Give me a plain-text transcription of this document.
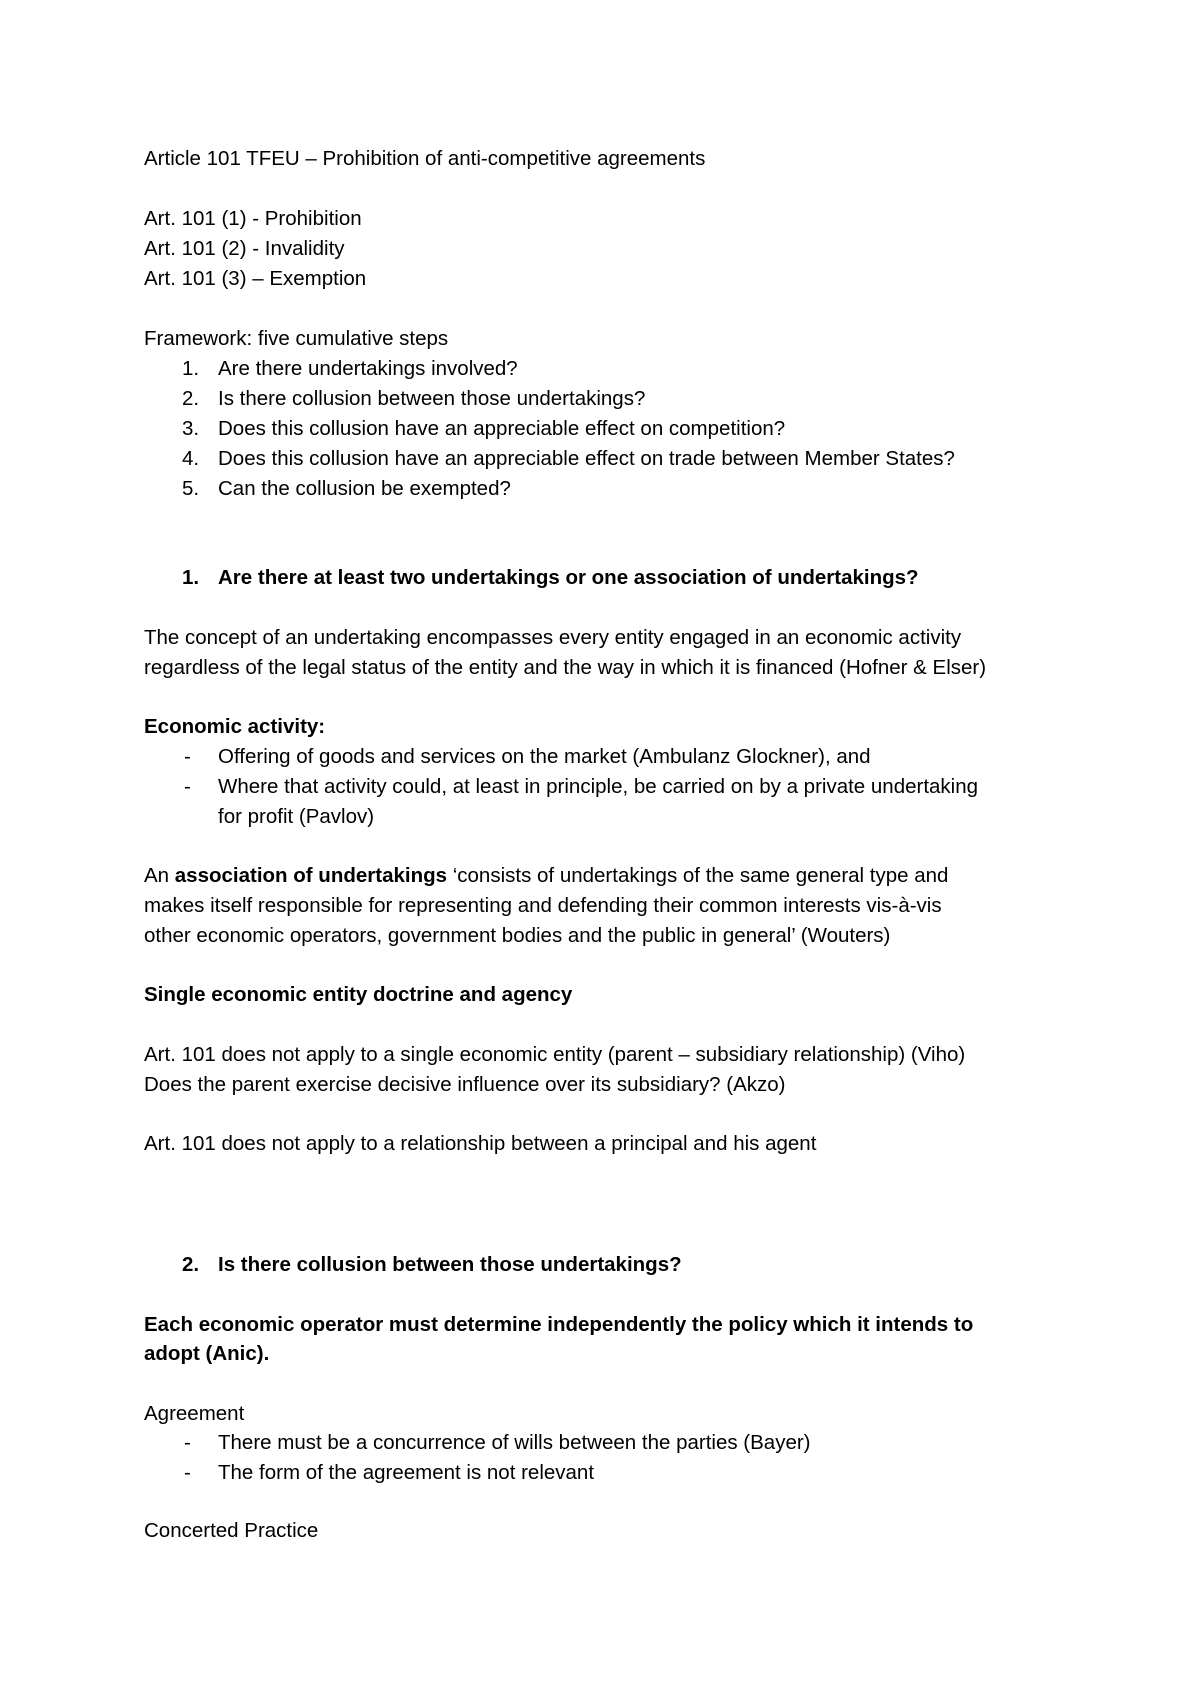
Article 101 TFEU – Prohibition of anti-competitive agreements
Art. 101 (1) - Prohibition
Art. 101 (2) - Invalidity
Art. 101 (3) – Exemption
Framework: five cumulative steps
1. Are there undertakings involved?
2. Is there collusion between those undertakings?
3. Does this collusion have an appreciable effect on competition?
4. Does this collusion have an appreciable effect on trade between Member States?
5. Can the collusion be exempted?
1. Are there at least two undertakings or one association of undertakings?
The concept of an undertaking encompasses every entity engaged in an economic activity
regardless of the legal status of the entity and the way in which it is financed (Hofner & Elser)
Economic activity:
- Offering of goods and services on the market (Ambulanz Glockner), and
- Where that activity could, at least in principle, be carried on by a private undertaking
for profit (Pavlov)
An association of undertakings ‘consists of undertakings of the same general type and
makes itself responsible for representing and defending their common interests vis-à-vis
other economic operators, government bodies and the public in general’ (Wouters)
Single economic entity doctrine and agency
Art. 101 does not apply to a single economic entity (parent – subsidiary relationship) (Viho)
Does the parent exercise decisive influence over its subsidiary? (Akzo)
Art. 101 does not apply to a relationship between a principal and his agent
2. Is there collusion between those undertakings?
Each economic operator must determine independently the policy which it intends to
adopt (Anic).
Agreement
- There must be a concurrence of wills between the parties (Bayer)
- The form of the agreement is not relevant
Concerted Practice
